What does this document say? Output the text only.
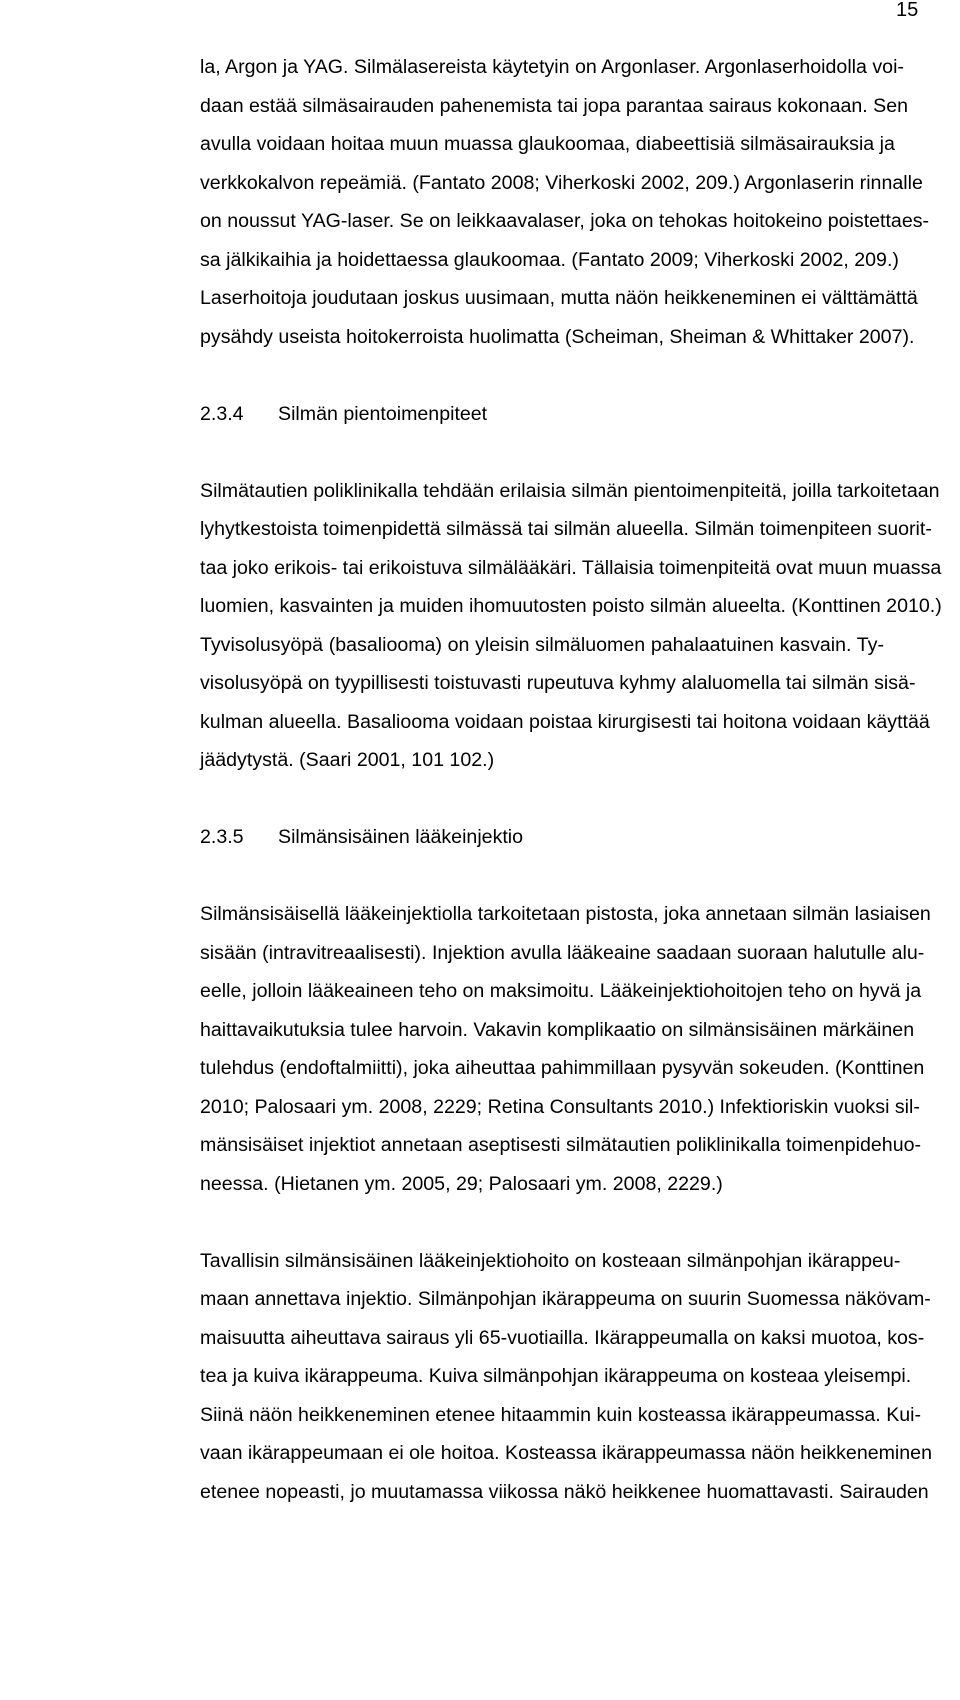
15
la, Argon ja YAG. Silmälasereista käytetyin on Argonlaser. Argonlaserhoidolla voi-
daan estää silmäsairauden pahenemista tai jopa parantaa sairaus kokonaan. Sen
avulla voidaan hoitaa muun muassa glaukoomaa, diabeettisiä silmäsairauksia ja
verkkokalvon repeämiä. (Fantato 2008; Viherkoski 2002, 209.) Argonlaserin rinnalle
on noussut YAG-laser. Se on leikkaavalaser, joka on tehokas hoitokeino poistettaes-
sa jälkikaihia ja hoidettaessa glaukoomaa. (Fantato 2009; Viherkoski 2002, 209.)
Laserhoitoja joudutaan joskus uusimaan, mutta näön heikkeneminen ei välttämättä
pysähdy useista hoitokerroista huolimatta (Scheiman, Sheiman & Whittaker 2007).
2.3.4	Silmän pientoimenpiteet
Silmätautien poliklinikalla tehdään erilaisia silmän pientoimenpiteitä, joilla tarkoitetaan
lyhytkestoista toimenpidettä silmässä tai silmän alueella. Silmän toimenpiteen suorit-
taa joko erikois- tai erikoistuva silmälääkäri. Tällaisia toimenpiteitä ovat muun muassa
luomien, kasvainten ja muiden ihomuutosten poisto silmän alueelta. (Konttinen 2010.)
Tyvisolusyöpä (basaliooma) on yleisin silmäluomen pahalaatuinen kasvain. Ty-
visolusyöpä on tyypillisesti toistuvasti rupeutuva kyhmy alaluomella tai silmän sisä-
kulman alueella. Basaliooma voidaan poistaa kirurgisesti tai hoitona voidaan käyttää
jäädytystä. (Saari 2001, 101 102.)
2.3.5	Silmänsisäinen lääkeinjektio
Silmänsisäisellä lääkeinjektiolla tarkoitetaan pistosta, joka annetaan silmän lasiaisen
sisään (intravitreaalisesti). Injektion avulla lääkeaine saadaan suoraan halutulle alu-
eelle, jolloin lääkeaineen teho on maksimoitu. Lääkeinjektiohoitojen teho on hyvä ja
haittavaikutuksia tulee harvoin. Vakavin komplikaatio on silmänsisäinen märkäinen
tulehdus (endoftalmiitti), joka aiheuttaa pahimmillaan pysyvän sokeuden. (Konttinen
2010; Palosaari ym. 2008, 2229; Retina Consultants 2010.) Infektioriskin vuoksi sil-
mänsisäiset injektiot annetaan aseptisesti silmätautien poliklinikalla toimenpidehuo-
neessa. (Hietanen ym. 2005, 29; Palosaari ym. 2008, 2229.)
Tavallisin silmänsisäinen lääkeinjektiohoito on kosteaan silmänpohjan ikärappeu-
maan annettava injektio. Silmänpohjan ikärappeuma on suurin Suomessa näkövam-
maisuutta aiheuttava sairaus yli 65-vuotiailla. Ikärappeumalla on kaksi muotoa, kos-
tea ja kuiva ikärappeuma. Kuiva silmänpohjan ikärappeuma on kosteaa yleisempi.
Siinä näön heikkeneminen etenee hitaammin kuin kosteassa ikärappeumassa. Kui-
vaan ikärappeumaan ei ole hoitoa. Kosteassa ikärappeumassa näön heikkeneminen
etenee nopeasti, jo muutamassa viikossa näkö heikkenee huomattavasti. Sairauden
